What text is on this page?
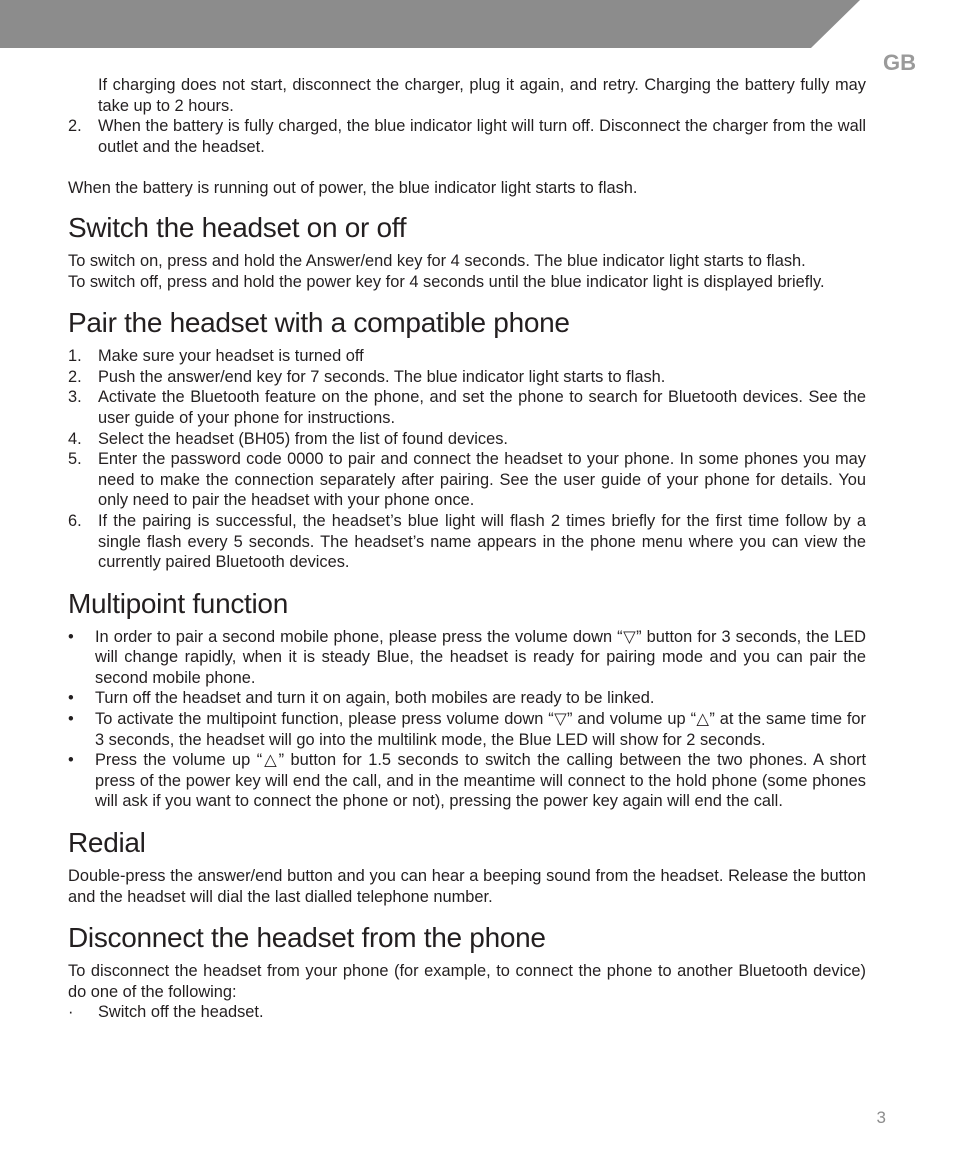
GB

If charging does not start, disconnect the charger, plug it again, and retry. Charging the battery fully may take up to 2 hours.

2. When the battery is fully charged, the blue indicator light will turn off. Disconnect the charger from the wall outlet and the headset.

When the battery is running out of power, the blue indicator light starts to flash.

Switch the headset on or off

To switch on, press and hold the Answer/end key for 4 seconds. The blue indicator light starts to flash.

To switch off, press and hold the power key for 4 seconds until the blue indicator light is displayed briefly.

Pair the headset with a compatible phone
1. Make sure your headset is turned off
2. Push the answer/end key for 7 seconds. The blue indicator light starts to flash.
3. Activate the Bluetooth feature on the phone, and set the phone to search for Bluetooth devices. See the user guide of your phone for instructions.
4. Select the headset (BH05) from the list of found devices.
5. Enter the password code 0000 to pair and connect the headset to your phone. In some phones you may need to make the connection separately after pairing. See the user guide of your phone for details. You only need to pair the headset with your phone once.
6. If the pairing is successful, the headset’s blue light will flash 2 times briefly for the first time follow by a single flash every 5 seconds. The headset’s name appears in the phone menu where you can view the currently paired Bluetooth devices.
Multipoint function
• In order to pair a second mobile phone, please press the volume down “▽” button for 3 seconds, the LED will change rapidly, when it is steady Blue, the headset is ready for pairing mode and you can pair the second mobile phone.
• Turn off the headset and turn it on again, both mobiles are ready to be linked.
• To activate the multipoint function, please press volume down “▽” and volume up “△” at the same time for 3 seconds, the headset will go into the multilink mode, the Blue LED will show for 2 seconds.
• Press the volume up “△” button for 1.5 seconds to switch the calling between the two phones. A short press of the power key will end the call, and in the meantime will connect to the hold phone (some phones will ask if you want to connect the phone or not), pressing the power key again will end the call.
Redial

Double-press the answer/end button and you can hear a beeping sound from the headset. Release the button and the headset will dial the last dialled telephone number.

Disconnect the headset from the phone

To disconnect the headset from your phone (for example, to connect the phone to another Bluetooth device) do one of the following:

· Switch off the headset.
3
